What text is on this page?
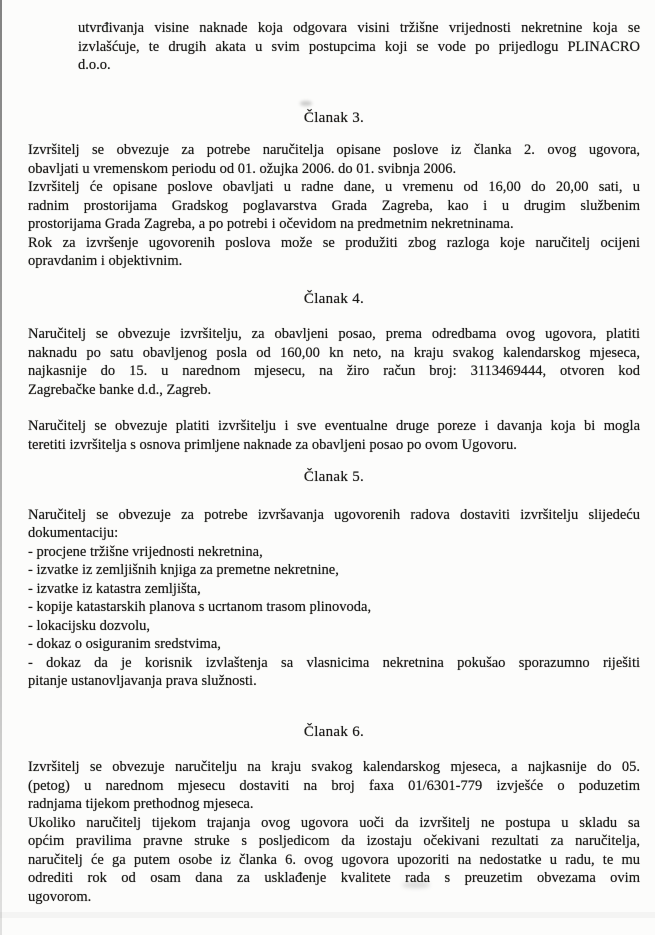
utvrđivanja visine naknade koja odgovara visini tržišne vrijednosti nekretnine koja se
izvlašćuje, te drugih akata u svim postupcima koji se vode po prijedlogu PLINACRO
d.o.o.
Članak 3.
Izvršitelj se obvezuje za potrebe naručitelja opisane poslove iz članka 2. ovog ugovora,
obavljati u vremenskom periodu od 01. ožujka 2006. do 01. svibnja 2006.
Izvršitelj će opisane poslove obavljati u radne dane, u vremenu od 16,00 do 20,00 sati, u
radnim prostorijama Gradskog poglavarstva Grada Zagreba, kao i u drugim službenim
prostorijama Grada Zagreba, a po potrebi i očevidom na predmetnim nekretninama.
Rok za izvršenje ugovorenih poslova može se produžiti zbog razloga koje naručitelj ocijeni
opravdanim i objektivnim.
Članak 4.
Naručitelj se obvezuje izvršitelju, za obavljeni posao, prema odredbama ovog ugovora, platiti
naknadu po satu obavljenog posla od 160,00 kn neto, na kraju svakog kalendarskog mjeseca,
najkasnije do 15. u narednom mjesecu, na žiro račun broj: 3113469444, otvoren kod
Zagrebačke banke d.d., Zagreb.
Naručitelj se obvezuje platiti izvršitelju i sve eventualne druge poreze i davanja koja bi mogla
teretiti izvršitelja s osnova primljene naknade za obavljeni posao po ovom Ugovoru.
Članak 5.
Naručitelj se obvezuje za potrebe izvršavanja ugovorenih radova dostaviti izvršitelju slijedeću
dokumentaciju:
- procjene tržišne vrijednosti nekretnina,
- izvatke iz zemljišnih knjiga za premetne nekretnine,
- izvatke iz katastra zemljišta,
- kopije katastarskih planova s ucrtanom trasom plinovoda,
- lokacijsku dozvolu,
- dokaz o osiguranim sredstvima,
- dokaz da je korisnik izvlaštenja sa vlasnicima nekretnina pokušao sporazumno riješiti
pitanje ustanovljavanja prava služnosti.
Članak 6.
Izvršitelj se obvezuje naručitelju na kraju svakog kalendarskog mjeseca, a najkasnije do 05.
(petog) u narednom mjesecu dostaviti na broj faxa 01/6301-779 izvješće o poduzetim
radnjama tijekom prethodnog mjeseca.
Ukoliko naručitelj tijekom trajanja ovog ugovora uoči da izvršitelj ne postupa u skladu sa
općim pravilima pravne struke s posljedicom da izostaju očekivani rezultati za naručitelja,
naručitelj će ga putem osobe iz članka 6. ovog ugovora upozoriti na nedostatke u radu, te mu
odrediti rok od osam dana za usklađenje kvalitete rada s preuzetim obvezama ovim
ugovorom.
